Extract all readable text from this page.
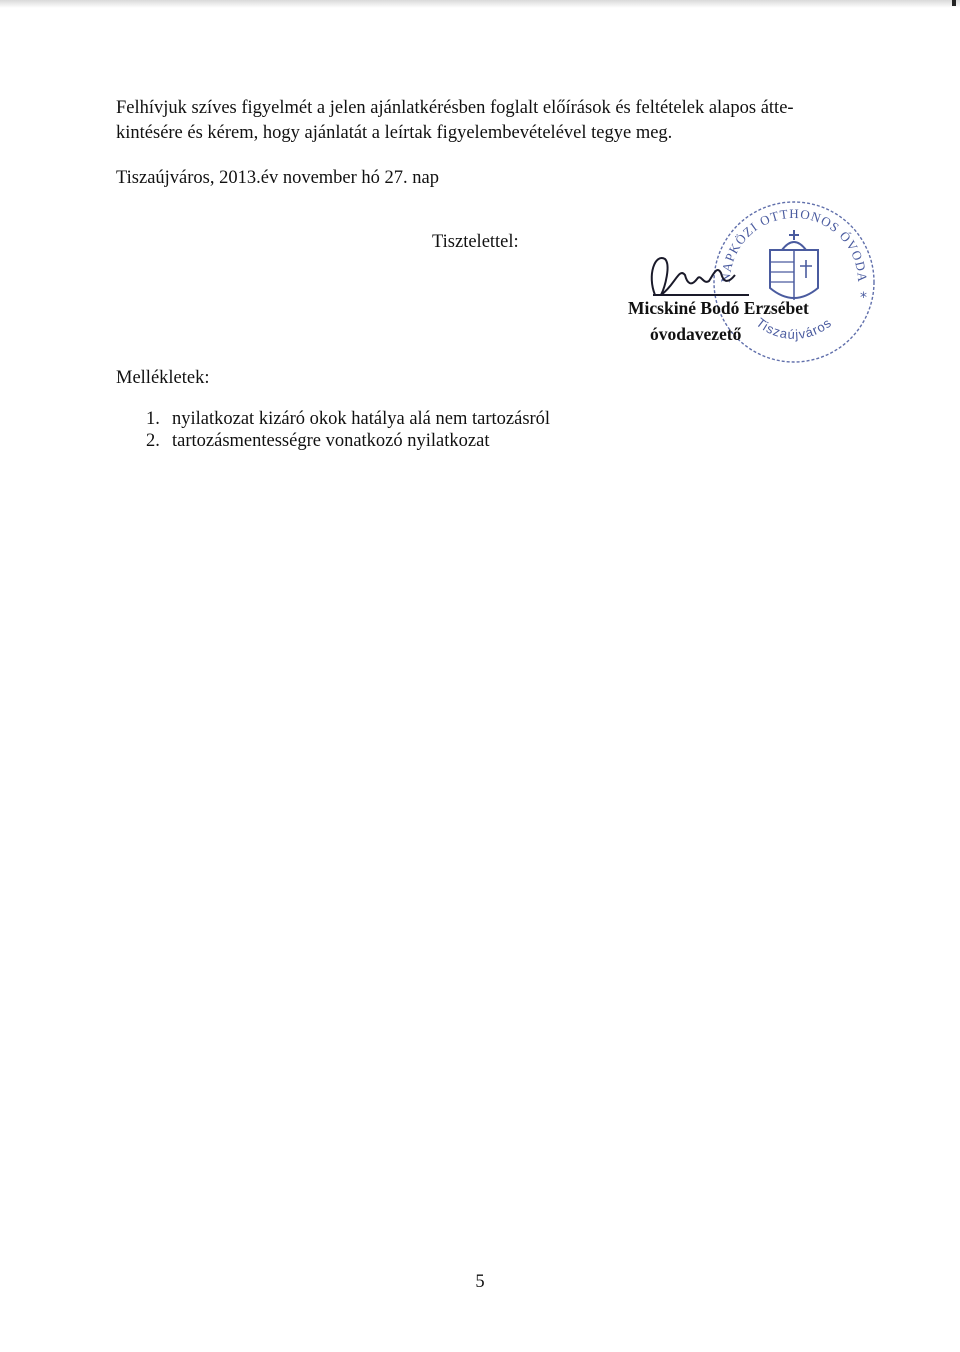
Felhívjuk szíves figyelmét a jelen ajánlatkérésben foglalt előírások és feltételek alapos átte-
kintésére és kérem, hogy ajánlatát a leírtak figyelembevételével tegye meg.
Tiszaújváros, 2013.év november hó 27. nap
Tisztelettel:
NAPKÖZI OTTHONOS ÓVODA
Tiszaújváros
*
Micskiné Bodó Erzsébet
óvodavezető
Mellékletek:
1. nyilatkozat kizáró okok hatálya alá nem tartozásról
2. tartozásmentességre vonatkozó nyilatkozat
5
